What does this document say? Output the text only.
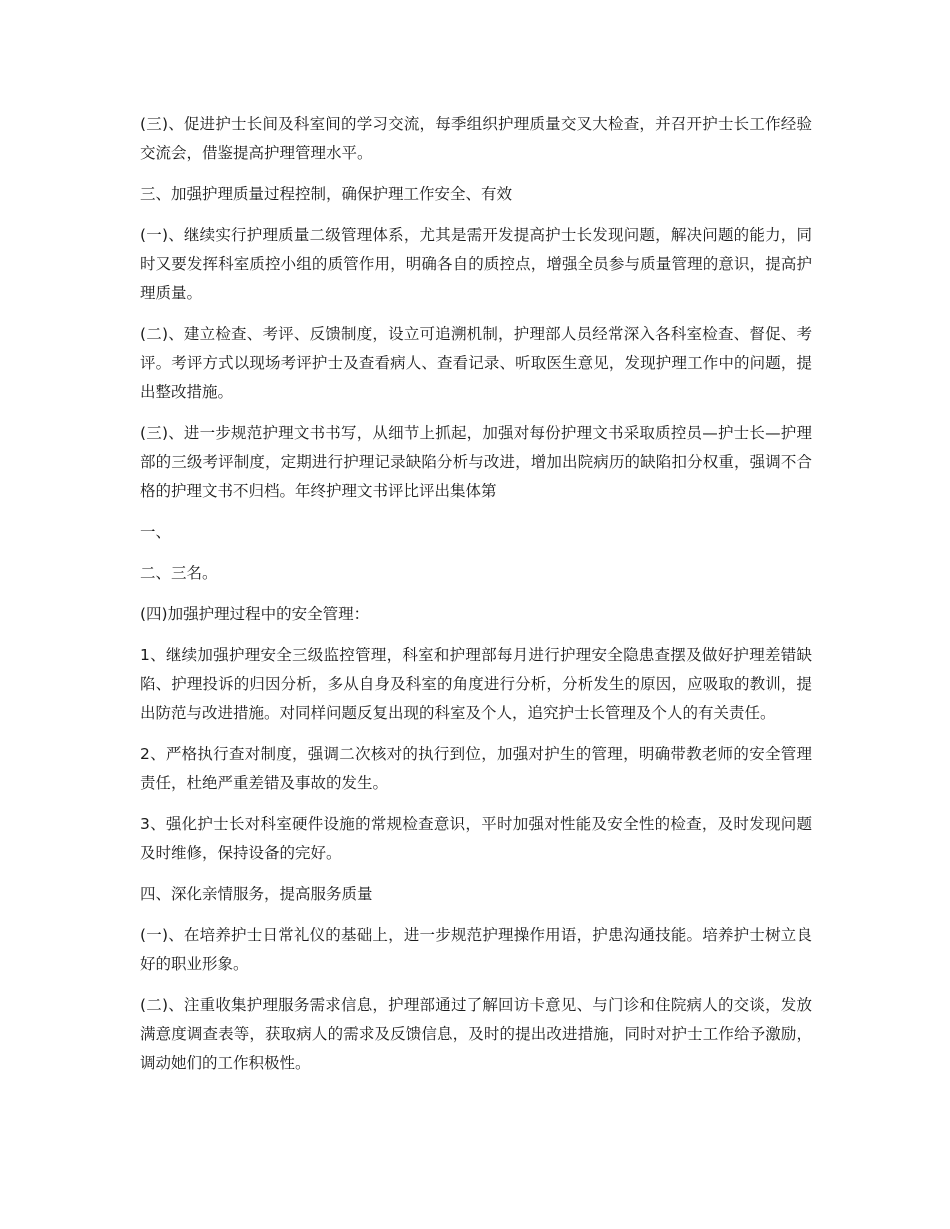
(三)、促进护士长间及科室间的学习交流，每季组织护理质量交叉大检查，并召开护士长工作经验交流会，借鉴提高护理管理水平。

三、加强护理质量过程控制，确保护理工作安全、有效

(一)、继续实行护理质量二级管理体系，尤其是需开发提高护士长发现问题，解决问题的能力，同时又要发挥科室质控小组的质管作用，明确各自的质控点，增强全员参与质量管理的意识，提高护理质量。

(二)、建立检查、考评、反馈制度，设立可追溯机制，护理部人员经常深入各科室检查、督促、考评。考评方式以现场考评护士及查看病人、查看记录、听取医生意见，发现护理工作中的问题，提出整改措施。

(三)、进一步规范护理文书书写，从细节上抓起，加强对每份护理文书采取质控员—护士长—护理部的三级考评制度，定期进行护理记录缺陷分析与改进，增加出院病历的缺陷扣分权重，强调不合格的护理文书不归档。年终护理文书评比评出集体第

一、

二、三名。

(四)加强护理过程中的安全管理：

1、继续加强护理安全三级监控管理，科室和护理部每月进行护理安全隐患查摆及做好护理差错缺陷、护理投诉的归因分析，多从自身及科室的角度进行分析，分析发生的原因，应吸取的教训，提出防范与改进措施。对同样问题反复出现的科室及个人，追究护士长管理及个人的有关责任。

2、严格执行查对制度，强调二次核对的执行到位，加强对护生的管理，明确带教老师的安全管理责任，杜绝严重差错及事故的发生。

3、强化护士长对科室硬件设施的常规检查意识，平时加强对性能及安全性的检查，及时发现问题及时维修，保持设备的完好。

四、深化亲情服务，提高服务质量

(一)、在培养护士日常礼仪的基础上，进一步规范护理操作用语，护患沟通技能。培养护士树立良好的职业形象。

(二)、注重收集护理服务需求信息，护理部通过了解回访卡意见、与门诊和住院病人的交谈，发放满意度调查表等，获取病人的需求及反馈信息，及时的提出改进措施，同时对护士工作给予激励，调动她们的工作积极性。
